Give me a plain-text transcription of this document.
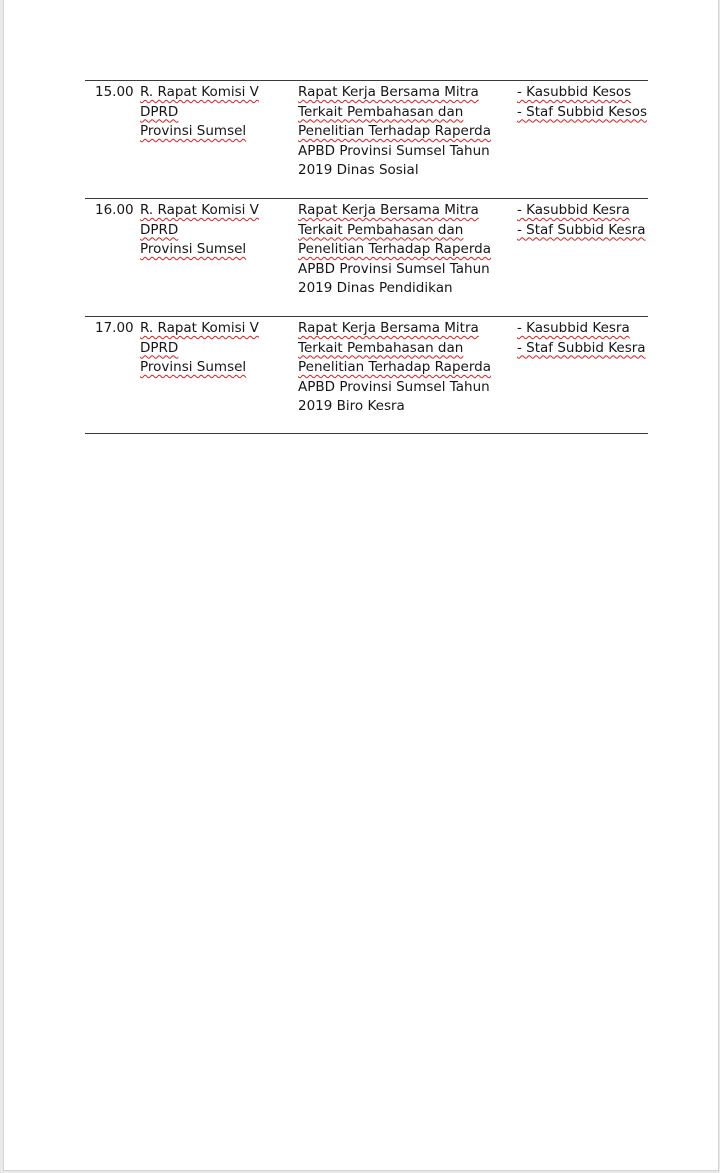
15.00 R. Rapat Komisi V DPRD
Provinsi Sumsel
Rapat Kerja Bersama Mitra
Terkait Pembahasan dan
Penelitian Terhadap Raperda
APBD Provinsi Sumsel Tahun
2019 Dinas Sosial
- Kasubbid Kesos
- Staf Subbid Kesos
16.00 R. Rapat Komisi V DPRD
Provinsi Sumsel
Rapat Kerja Bersama Mitra
Terkait Pembahasan dan
Penelitian Terhadap Raperda
APBD Provinsi Sumsel Tahun
2019 Dinas Pendidikan
- Kasubbid Kesra
- Staf Subbid Kesra
17.00 R. Rapat Komisi V DPRD
Provinsi Sumsel
Rapat Kerja Bersama Mitra
Terkait Pembahasan dan
Penelitian Terhadap Raperda
APBD Provinsi Sumsel Tahun
2019 Biro Kesra
- Kasubbid Kesra
- Staf Subbid Kesra
